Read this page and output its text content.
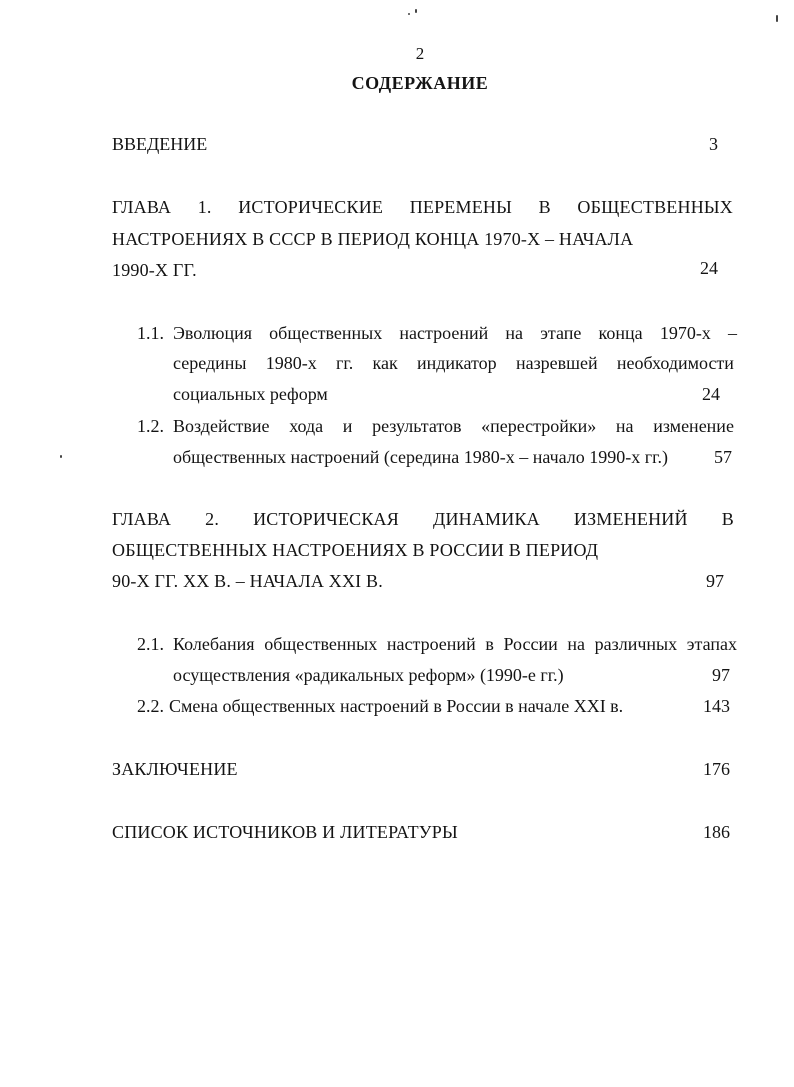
2
СОДЕРЖАНИЕ
ВВЕДЕНИЕ	3
ГЛАВА 1. ИСТОРИЧЕСКИЕ ПЕРЕМЕНЫ В ОБЩЕСТВЕННЫХ
НАСТРОЕНИЯХ В СССР В ПЕРИОД КОНЦА 1970-Х – НАЧАЛА
1990-Х ГГ.	24
1.1. Эволюция общественных настроений на этапе конца 1970-х –
середины 1980-х гг. как индикатор назревшей необходимости
социальных реформ	24
1.2. Воздействие хода и результатов «перестройки» на изменение
общественных настроений (середина 1980-х – начало 1990-х гг.)	57
ГЛАВА 2. ИСТОРИЧЕСКАЯ ДИНАМИКА ИЗМЕНЕНИЙ В
ОБЩЕСТВЕННЫХ НАСТРОЕНИЯХ В РОССИИ В ПЕРИОД
90-Х ГГ. XX В. – НАЧАЛА XXI В.	97
2.1. Колебания общественных настроений в России на различных этапах
осуществления «радикальных реформ» (1990-е гг.)	97
2.2. Смена общественных настроений в России в начале XXI в.	143
ЗАКЛЮЧЕНИЕ	176
СПИСОК ИСТОЧНИКОВ И ЛИТЕРАТУРЫ	186
